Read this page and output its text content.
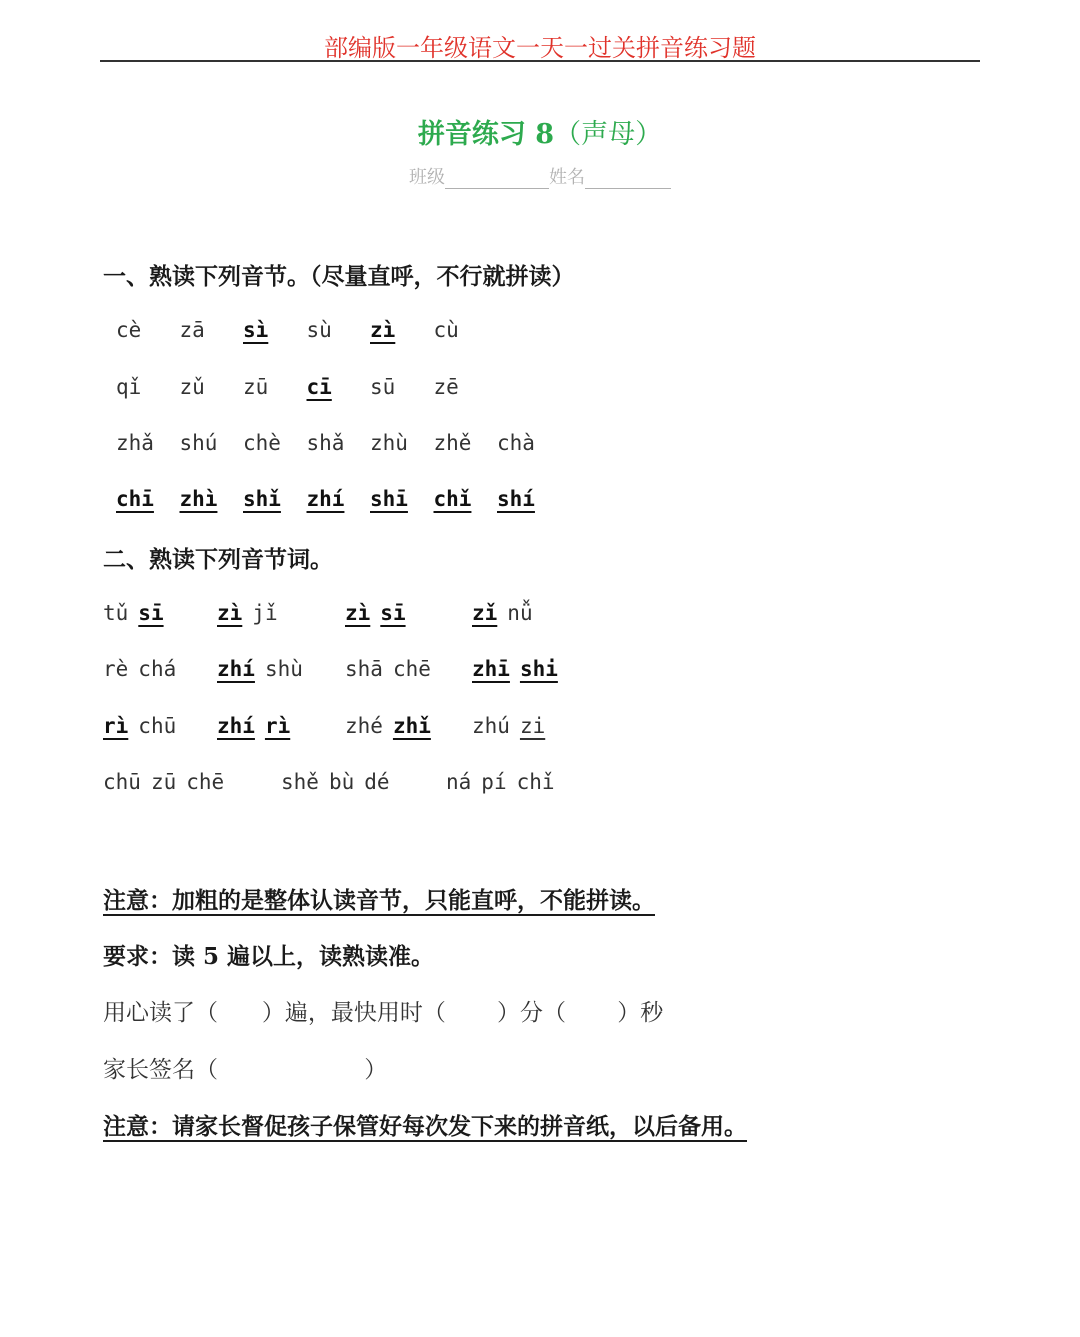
部编版一年级语文一天一过关拼音练习题
拼音练习 8（声母）
班级	姓名
一、熟读下列音节。（尽量直呼，不行就拼读）
cè zā sì sù zì cù
qǐ zǔ zū cī sū zē
zhǎ shú chè shǎ zhù zhě chà
chī zhì shǐ zhí shī chǐ shí
二、熟读下列音节词。
tǔ sī	zì jǐ	zì sī	zǐ nǚ
rè chá	zhí shù	shā chē	zhī shi
rì chū	zhí rì	zhé zhǐ	zhú zi
chū zū chē	shě bù dé	ná pí chǐ
注意：加粗的是整体认读音节，只能直呼，不能拼读。
要求：读 5 遍以上，读熟读准。
用心读了（      ）遍，最快用时（       ）分（       ）秒
家长签名（                    ）
注意：请家长督促孩子保管好每次发下来的拼音纸，以后备用。
